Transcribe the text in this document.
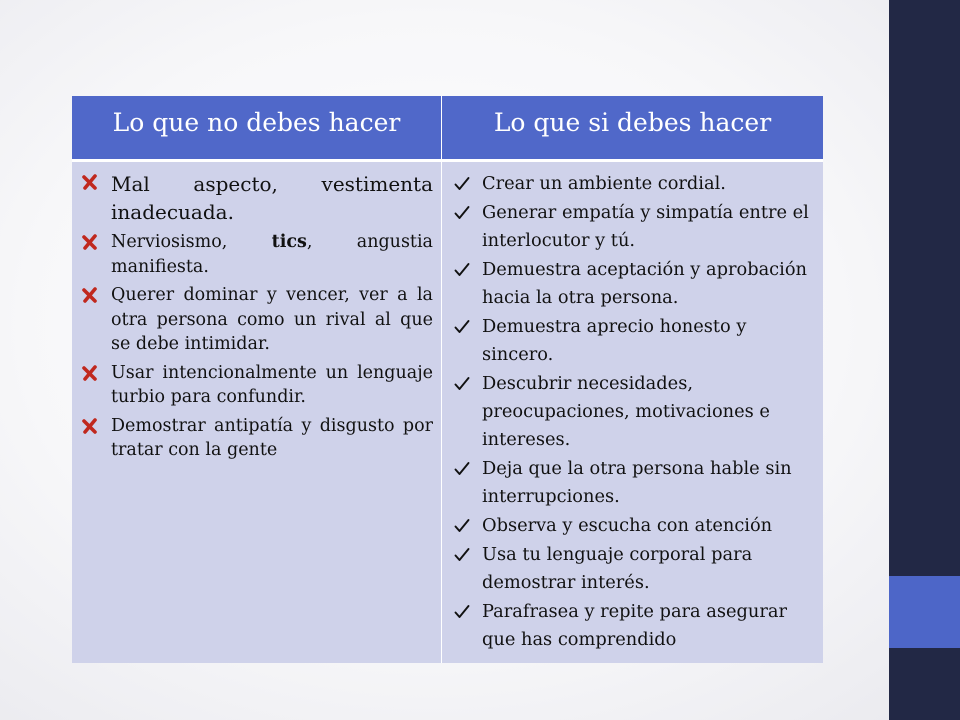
Lo que no debes hacer	Lo que si debes hacer
Mal aspecto, vestimenta inadecuada.
Nerviosismo, tics, angustia manifiesta.
Querer dominar y vencer, ver a la otra persona como un rival al que se debe intimidar.
Usar intencionalmente un lenguaje turbio para confundir.
Demostrar antipatía y disgusto por tratar con la gente
Crear un ambiente cordial.
Generar empatía y simpatía entre el interlocutor y tú.
Demuestra aceptación y aprobación hacia la otra persona.
Demuestra aprecio honesto y sincero.
Descubrir necesidades, preocupaciones, motivaciones e intereses.
Deja que la otra persona hable sin interrupciones.
Observa y escucha con atención
Usa tu lenguaje corporal para demostrar interés.
Parafrasea y repite para asegurar que has comprendido
